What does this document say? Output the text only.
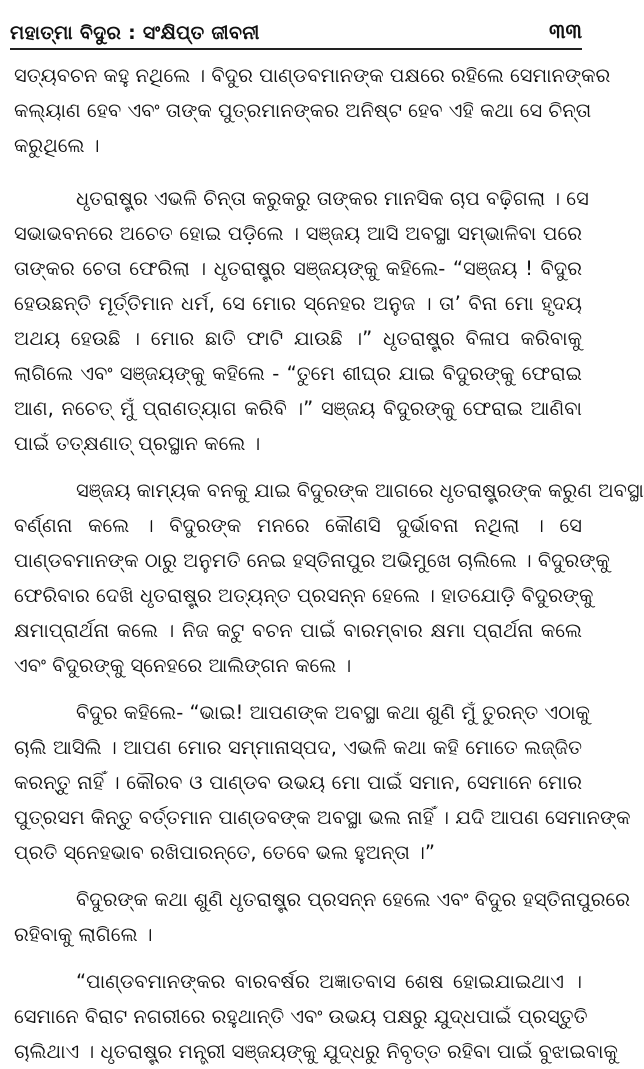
ମହାତ୍ମା ବିଦୁର : ସଂକ୍ଷିପ୍ତ ଜୀବନୀ	୩୩
ସତ୍ୟବଚନ କହୁ ନଥିଲେ । ବିଦୁର ପାଣ୍ଡବମାନଙ୍କ ପକ୍ଷରେ ରହିଲେ ସେମାନଙ୍କର
କଲ୍ୟାଣ ହେବ ଏବଂ ତାଙ୍କ ପୁତ୍ରମାନଙ୍କର ଅନିଷ୍ଟ ହେବ ଏହି କଥା ସେ ଚିନ୍ତା
କରୁଥିଲେ ।
ଧୃତରାଷ୍ଟ୍ର ଏଭଳି ଚିନ୍ତା କରୁକରୁ ତାଙ୍କର ମାନସିକ ଚାପ ବଢ଼ିଗଲା । ସେ
ସଭାଭବନରେ ଅଚେତ ହୋଇ ପଡ଼ିଲେ । ସଞ୍ଜୟ ଆସି ଅବସ୍ଥା ସମ୍ଭାଳିବା ପରେ
ତାଙ୍କର ଚେତା ଫେରିଲା । ଧୃତରାଷ୍ଟ୍ର ସଞ୍ଜୟଙ୍କୁ କହିଲେ- “ସଞ୍ଜୟ ! ବିଦୁର
ହେଉଛନ୍ତି ମୂର୍ତ୍ତିମାନ ଧର୍ମ, ସେ ମୋର ସ୍ନେହର ଅନୁଜ । ତା’ ବିନା ମୋ ହୃଦୟ
ଅଥୟ ହେଉଛି । ମୋର ଛାତି ଫାଟି ଯାଉଛି ।” ଧୃତରାଷ୍ଟ୍ର ବିଳାପ କରିବାକୁ
ଲାଗିଲେ ଏବଂ ସଞ୍ଜୟଙ୍କୁ କହିଲେ - “ତୁମେ ଶୀଘ୍ର ଯାଇ ବିଦୁରଙ୍କୁ ଫେରାଇ
ଆଣ, ନଚେତ୍ ମୁଁ ପ୍ରାଣତ୍ୟାଗ କରିବି ।” ସଞ୍ଜୟ ବିଦୁରଙ୍କୁ ଫେରାଇ ଆଣିବା
ପାଇଁ ତତ୍‌କ୍ଷଣାତ୍ ପ୍ରସ୍ଥାନ କଲେ ।
ସଞ୍ଜୟ କାମ୍ୟକ ବନକୁ ଯାଇ ବିଦୁରଙ୍କ ଆଗରେ ଧୃତରାଷ୍ଟ୍ରଙ୍କ କରୁଣ ଅବସ୍ଥା
ବର୍ଣ୍ଣନା କଲେ । ବିଦୁରଙ୍କ ମନରେ କୌଣସି ଦୁର୍ଭାବନା ନଥିଲା । ସେ
ପାଣ୍ଡବମାନଙ୍କ ଠାରୁ ଅନୁମତି ନେଇ ହସ୍ତିନାପୁର ଅଭିମୁଖେ ଚାଲିଲେ । ବିଦୁରଙ୍କୁ
ଫେରିବାର ଦେଖି ଧୃତରାଷ୍ଟ୍ର ଅତ୍ୟନ୍ତ ପ୍ରସନ୍ନ ହେଲେ । ହାତଯୋଡ଼ି ବିଦୁରଙ୍କୁ
କ୍ଷମାପ୍ରାର୍ଥନା କଲେ । ନିଜ କଟୁ ବଚନ ପାଇଁ ବାରମ୍ବାର କ୍ଷମା ପ୍ରାର୍ଥନା କଲେ
ଏବଂ ବିଦୁରଙ୍କୁ ସ୍ନେହରେ ଆଲିଙ୍ଗନ କଲେ ।
ବିଦୁର କହିଲେ- “ଭାଇ! ଆପଣଙ୍କ ଅବସ୍ଥା କଥା ଶୁଣି ମୁଁ ତୁରନ୍ତ ଏଠାକୁ
ଚାଲି ଆସିଲି । ଆପଣ ମୋର ସମ୍ମାନାସ୍ପଦ, ଏଭଳି କଥା କହି ମୋତେ ଲଜ୍ଜିତ
କରନ୍ତୁ ନାହିଁ । କୌରବ ଓ ପାଣ୍ଡବ ଉଭୟ ମୋ ପାଇଁ ସମାନ, ସେମାନେ ମୋର
ପୁତ୍ରସମ କିନ୍ତୁ ବର୍ତ୍ତମାନ ପାଣ୍ଡବଙ୍କ ଅବସ୍ଥା ଭଲ ନାହିଁ । ଯଦି ଆପଣ ସେମାନଙ୍କ
ପ୍ରତି ସ୍ନେହଭାବ ରଖିପାରନ୍ତେ, ତେବେ ଭଲ ହୁଅନ୍ତା ।”
ବିଦୁରଙ୍କ କଥା ଶୁଣି ଧୃତରାଷ୍ଟ୍ର ପ୍ରସନ୍ନ ହେଲେ ଏବଂ ବିଦୁର ହସ୍ତିନାପୁରରେ
ରହିବାକୁ ଲାଗିଲେ ।
“ପାଣ୍ଡବମାନଙ୍କର ବାରବର୍ଷର ଅଜ୍ଞାତବାସ ଶେଷ ହୋଇଯାଇଥାଏ ।
ସେମାନେ ବିରାଟ ନଗରୀରେ ରହୁଥାନ୍ତି ଏବଂ ଉଭୟ ପକ୍ଷରୁ ଯୁଦ୍ଧପାଇଁ ପ୍ରସ୍ତୁତି
ଚାଲିଥାଏ । ଧୃତରାଷ୍ଟ୍ର ମନ୍ତ୍ରୀ ସଞ୍ଜୟଙ୍କୁ ଯୁଦ୍ଧରୁ ନିବୃତ୍ତ ରହିବା ପାଇଁ ବୁଝାଇବାକୁ
